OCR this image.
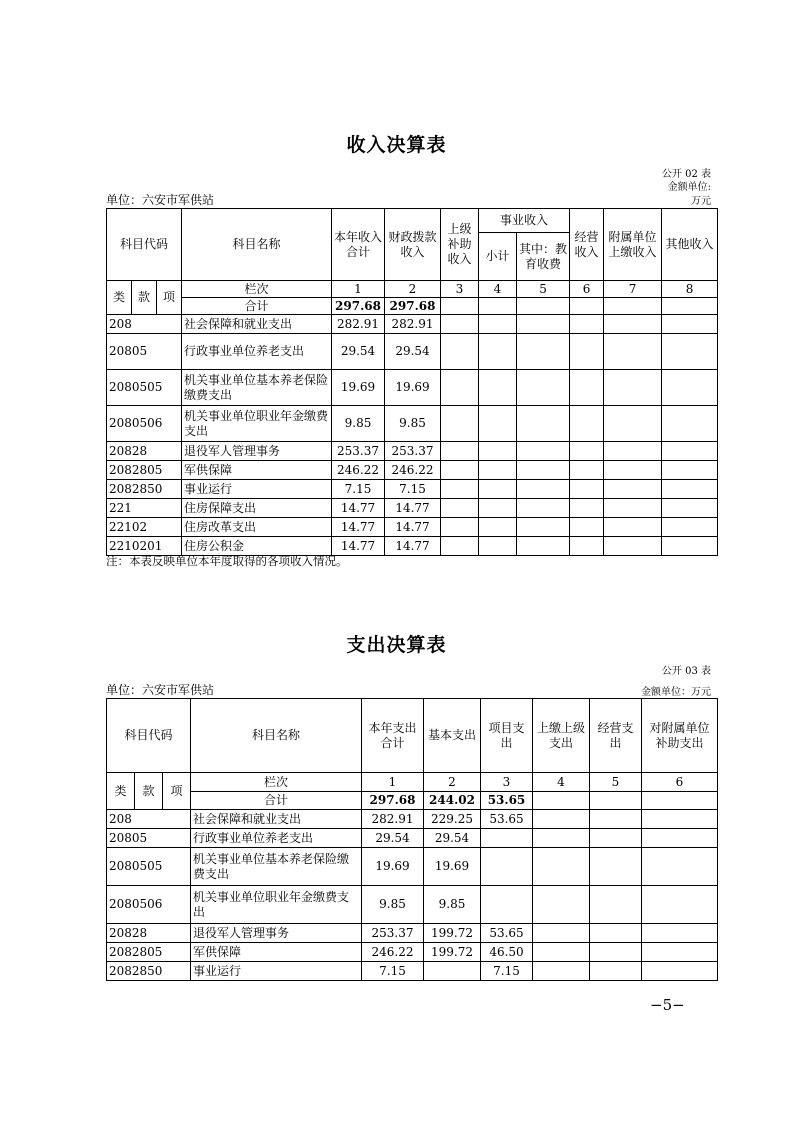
收入决算表
公开 02 表
金额单位:
万元
单位：六安市军供站
科目代码			科目名称	本年收入合计	财政拨款收入	上级补助收入	事业收入		经营收入	附属单位上缴收入	其他收入
							小计	其中：教育收费			
类	款	项	栏次	1	2	3	4	5	6	7	8
			合计	297.68	297.68						
208			社会保障和就业支出	282.91	282.91						
20805			行政事业单位养老支出	29.54	29.54						
2080505			机关事业单位基本养老保险缴费支出	19.69	19.69						
2080506			机关事业单位职业年金缴费支出	9.85	9.85						
20828			退役军人管理事务	253.37	253.37						
2082805			军供保障	246.22	246.22						
2082850			事业运行	7.15	7.15						
221			住房保障支出	14.77	14.77						
22102			住房改革支出	14.77	14.77						
2210201			住房公积金	14.77	14.77						
注：本表反映单位本年度取得的各项收入情况。
支出决算表
公开 03 表
单位：六安市军供站	金额单位：万元
科目代码			科目名称	本年支出合计	基本支出	项目支出	上缴上级支出	经营支出	对附属单位补助支出
类	款	项	栏次	1	2	3	4	5	6
			合计	297.68	244.02	53.65			
208			社会保障和就业支出	282.91	229.25	53.65			
20805			行政事业单位养老支出	29.54	29.54				
2080505			机关事业单位基本养老保险缴费支出	19.69	19.69				
2080506			机关事业单位职业年金缴费支出	9.85	9.85				
20828			退役军人管理事务	253.37	199.72	53.65			
2082805			军供保障	246.22	199.72	46.50			
2082850			事业运行	7.15		7.15			
−5−
